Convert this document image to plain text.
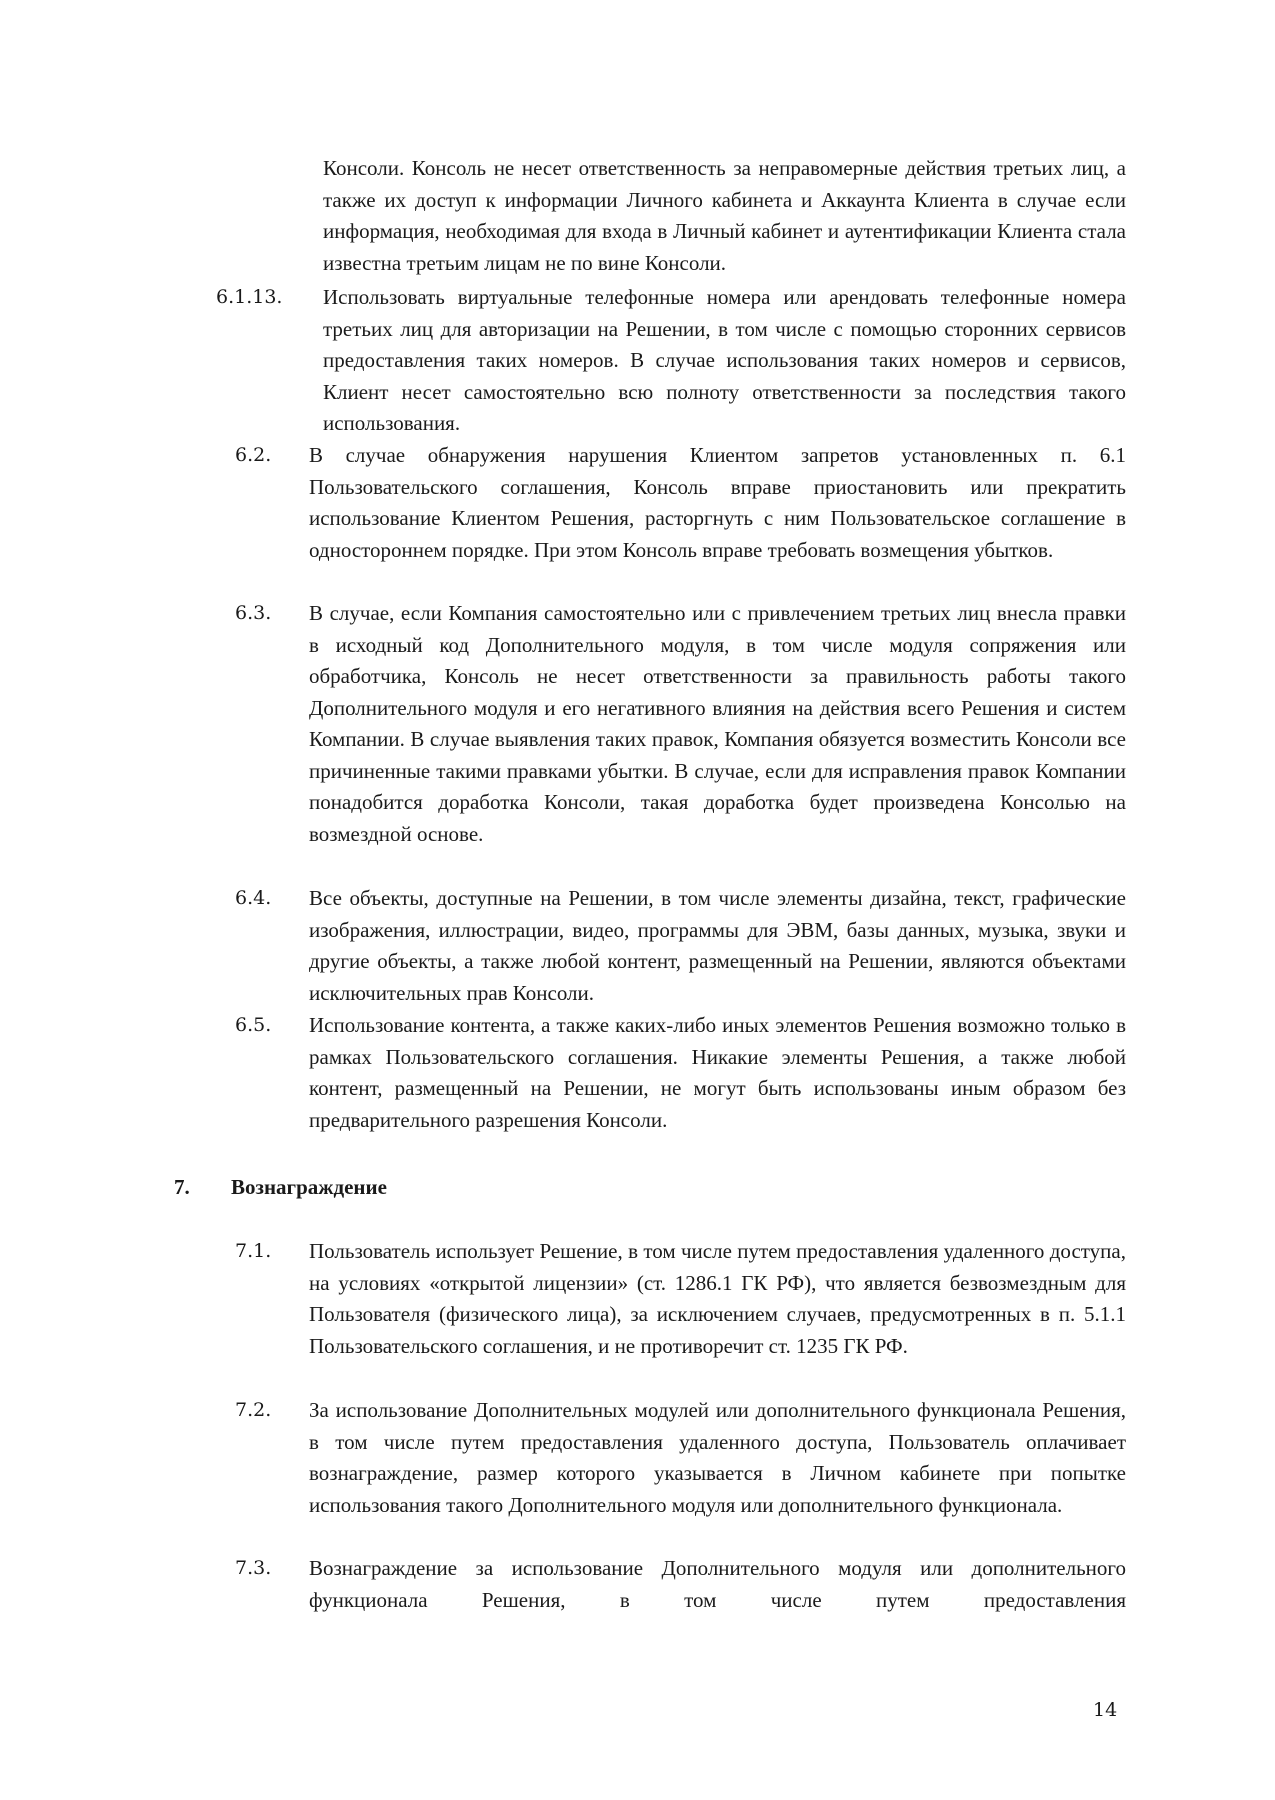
Консоли. Консоль не несет ответственность за неправомерные действия третьих лиц, а также их доступ к информации Личного кабинета и Аккаунта Клиента в случае если информация, необходимая для входа в Личный кабинет и аутентификации Клиента стала известна третьим лицам не по вине Консоли.

6.1.13. Использовать виртуальные телефонные номера или арендовать телефонные номера третьих лиц для авторизации на Решении, в том числе с помощью сторонних сервисов предоставления таких номеров. В случае использования таких номеров и сервисов, Клиент несет самостоятельно всю полноту ответственности за последствия такого использования.

6.2. В случае обнаружения нарушения Клиентом запретов установленных п. 6.1 Пользовательского соглашения, Консоль вправе приостановить или прекратить использование Клиентом Решения, расторгнуть с ним Пользовательское соглашение в одностороннем порядке. При этом Консоль вправе требовать возмещения убытков.

6.3. В случае, если Компания самостоятельно или с привлечением третьих лиц внесла правки в исходный код Дополнительного модуля, в том числе модуля сопряжения или обработчика, Консоль не несет ответственности за правильность работы такого Дополнительного модуля и его негативного влияния на действия всего Решения и систем Компании. В случае выявления таких правок, Компания обязуется возместить Консоли все причиненные такими правками убытки. В случае, если для исправления правок Компании понадобится доработка Консоли, такая доработка будет произведена Консолью на возмездной основе.

6.4. Все объекты, доступные на Решении, в том числе элементы дизайна, текст, графические изображения, иллюстрации, видео, программы для ЭВМ, базы данных, музыка, звуки и другие объекты, а также любой контент, размещенный на Решении, являются объектами исключительных прав Консоли.

6.5. Использование контента, а также каких-либо иных элементов Решения возможно только в рамках Пользовательского соглашения. Никакие элементы Решения, а также любой контент, размещенный на Решении, не могут быть использованы иным образом без предварительного разрешения Консоли.

7. Вознаграждение
7.1. Пользователь использует Решение, в том числе путем предоставления удаленного доступа, на условиях «открытой лицензии» (ст. 1286.1 ГК РФ), что является безвозмездным для Пользователя (физического лица), за исключением случаев, предусмотренных в п. 5.1.1 Пользовательского соглашения, и не противоречит ст. 1235 ГК РФ.

7.2. За использование Дополнительных модулей или дополнительного функционала Решения, в том числе путем предоставления удаленного доступа, Пользователь оплачивает вознаграждение, размер которого указывается в Личном кабинете при попытке использования такого Дополнительного модуля или дополнительного функционала.

7.3. Вознаграждение за использование Дополнительного модуля или дополнительного функционала Решения, в том числе путем предоставления

14
